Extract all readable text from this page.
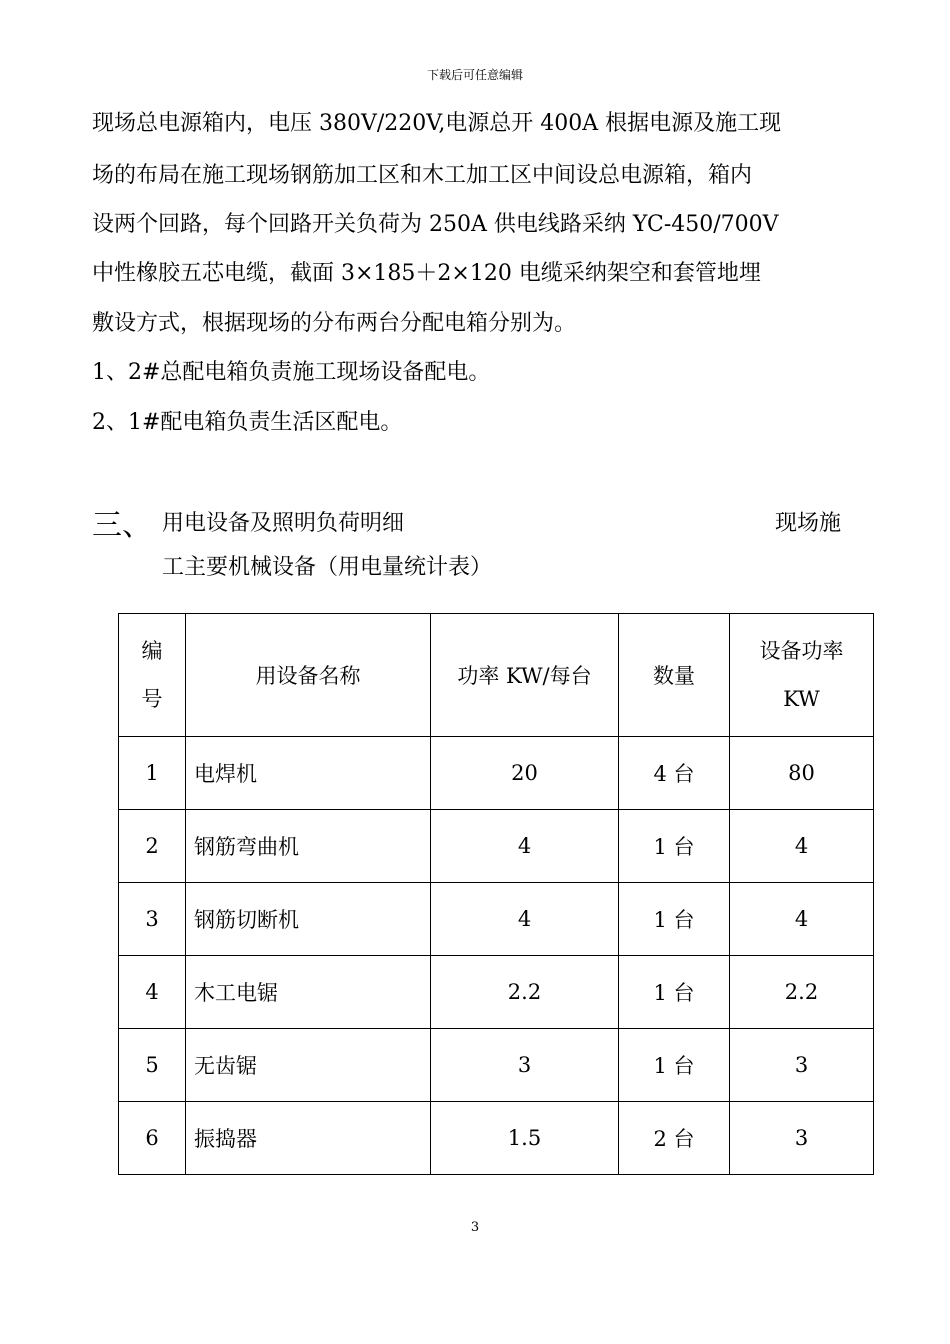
下载后可任意编辑
现场总电源箱内，电压 380V/220V,电源总开 400A 根据电源及施工现
场的布局在施工现场钢筋加工区和木工加工区中间设总电源箱，箱内
设两个回路，每个回路开关负荷为 250A 供电线路采纳 YC-450/700V
中性橡胶五芯电缆，截面 3×185＋2×120 电缆采纳架空和套管地埋
敷设方式，根据现场的分布两台分配电箱分别为。
1、2#总配电箱负责施工现场设备配电。
2、1#配电箱负责生活区配电。
三、 用电设备及照明负荷明细	现场施
工主要机械设备（用电量统计表）
编
号	用设备名称	功率 KW/每台	数量	设备功率
KW

1	电焊机	20	4 台	80
2	钢筋弯曲机	4	1 台	4
3	钢筋切断机	4	1 台	4
4	木工电锯	2.2	1 台	2.2
5	无齿锯	3	1 台	3
6	振捣器	1.5	2 台	3
3
